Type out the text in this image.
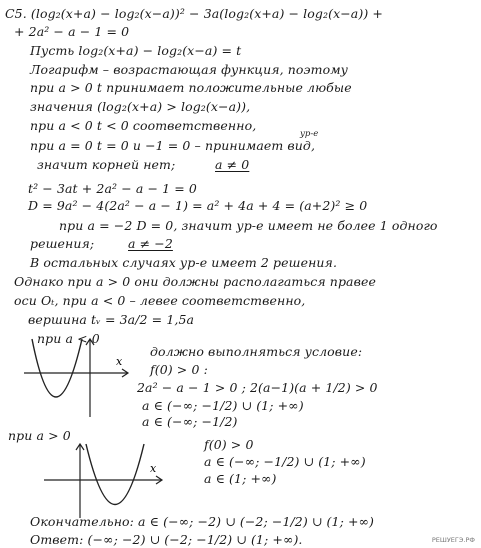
С5. (log₂(x+a) − log₂(x−a))² − 3a(log₂(x+a) − log₂(x−a)) +
+ 2a² − a − 1 = 0
Пусть log₂(x+a) − log₂(x−a) = t
Логарифм – возрастающая функция, поэтому
при a > 0 t принимает положительные любые
значения (log₂(x+a) > log₂(x−a)),
при a < 0 t < 0 соответственно,
при a = 0 t = 0 и −1 = 0 – принимает вид,
значит корней нет;	a ≠ 0
t² − 3at + 2a² − a − 1 = 0
D = 9a² − 4(2a² − a − 1) = a² + 4a + 4 = (a+2)² ≥ 0
при a = −2 D = 0, значит ур-е имеет не более 1 одного
решения;	a ≠ −2
В остальных случаях ур-е имеет 2 решения.
Однако при a > 0 они должны располагаться правее
оси Oₜ, при a < 0 – левее соответственно,
вершина tᵥ = 3a/2 = 1,5a
при a < 0
должно выполняться условие:
f(0) > 0 :
2a² − a − 1 > 0 ; 2(a−1)(a + 1/2) > 0
a ∈ (−∞; −1/2) ∪ (1; +∞)
a ∈ (−∞; −1/2)
при a > 0
f(0) > 0
a ∈ (−∞; −1/2) ∪ (1; +∞)
a ∈ (1; +∞)
Окончательно: a ∈ (−∞; −2) ∪ (−2; −1/2) ∪ (1; +∞)
Ответ: (−∞; −2) ∪ (−2; −1/2) ∪ (1; +∞).
ур-е
x
x
РЕШУЕГЭ.РФ
